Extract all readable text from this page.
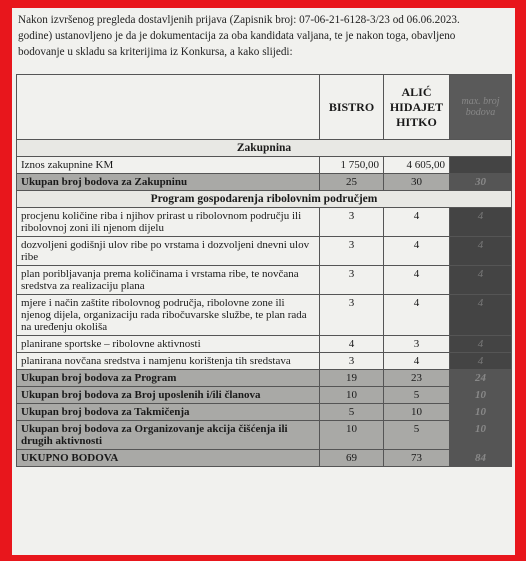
Nakon izvršenog pregleda dostavljenih prijava (Zapisnik broj: 07-06-21-6128-3/23 od 06.06.2023.
godine) ustanovljeno je da je dokumentacija za oba kandidata valjana, te je nakon toga, obavljeno
bodovanje u skladu sa kriterijima iz Konkursa, a kako slijedi:
	BISTRO	ALIĆ HIDAJET HITKO	max. broj bodova
Zakupnina			
Iznos zakupnine KM	1 750,00	4 605,00	
Ukupan broj bodova za Zakupninu	25	30	30
Program gospodarenja ribolovnim područjem			
procjenu količine riba i njihov prirast u ribolovnom području ili ribolovnoj zoni ili njenom dijelu	3	4	4
dozvoljeni godišnji ulov ribe po vrstama i dozvoljeni dnevni ulov ribe	3	4	4
plan poribljavanja prema količinama i vrstama ribe, te novčana sredstva za realizaciju plana	3	4	4
mjere i način zaštite ribolovnog područja, ribolovne zone ili njenog dijela, organizaciju rada ribočuvarske službe, te plan rada na uređenju okoliša	3	4	4
planirane sportske – ribolovne aktivnosti	4	3	4
planirana novčana sredstva i namjenu korištenja tih sredstava	3	4	4
Ukupan broj bodova za Program	19	23	24
Ukupan broj bodova za Broj uposlenih i/ili članova	10	5	10
Ukupan broj bodova za Takmičenja	5	10	10
Ukupan broj bodova za Organizovanje akcija čišćenja ili drugih aktivnosti	10	5	10
UKUPNO BODOVA	69	73	84
